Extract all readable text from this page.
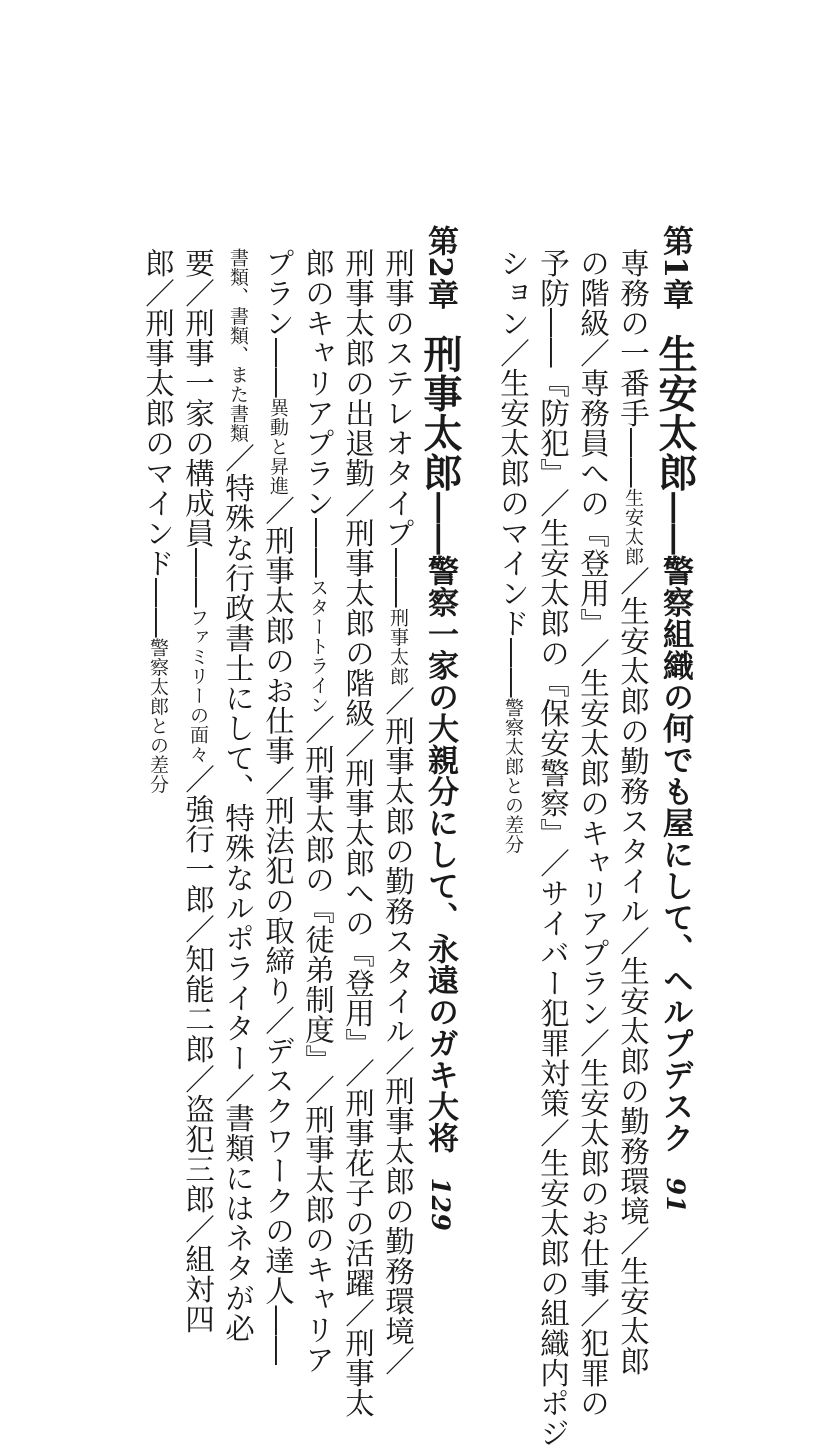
第1章生安太郎――警察組織の何でも屋にして、ヘルプデスク91
専務の一番手――生安太郎／生安太郎の勤務スタイル／生安太郎の勤務環境／生安太郎
の階級／専務員への『登用』／生安太郎のキャリアプラン／生安太郎のお仕事／犯罪の
予防――『防犯』／生安太郎の『保安警察』／サイバー犯罪対策／生安太郎の組織内ポジ
ション／生安太郎のマインド――警察太郎との差分
第2章刑事太郎――警察一家の大親分にして、永遠のガキ大将129
刑事のステレオタイプ――刑事太郎／刑事太郎の勤務スタイル／刑事太郎の勤務環境／
刑事太郎の出退勤／刑事太郎の階級／刑事太郎への『登用』／刑事花子の活躍／刑事太
郎のキャリアプラン――スタートライン／刑事太郎の『徒弟制度』／刑事太郎のキャリア
プラン――異動と昇進／刑事太郎のお仕事／刑法犯の取締り／デスクワークの達人――
書類、書類、また書類／特殊な行政書士にして、特殊なルポライター／書類にはネタが必
要／刑事一家の構成員――ファミリーの面々／強行一郎／知能二郎／盗犯三郎／組対四
郎／刑事太郎のマインド――警察太郎との差分
